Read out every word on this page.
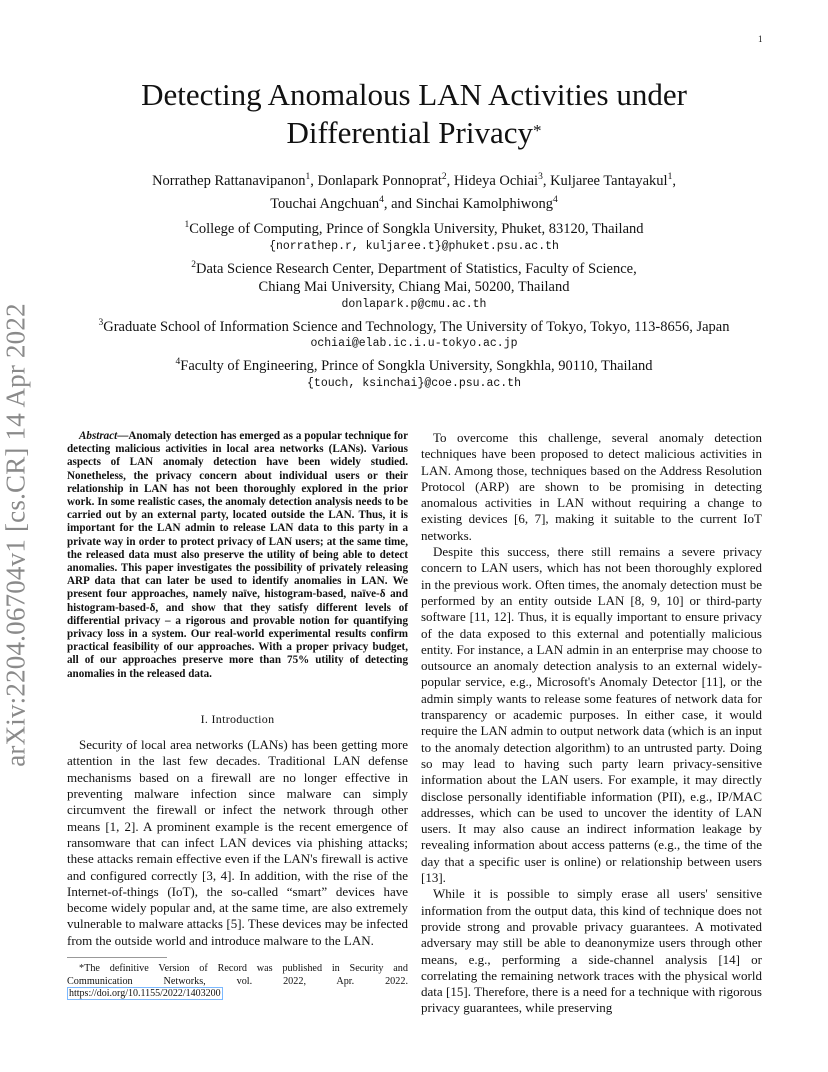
1
arXiv:2204.06704v1 [cs.CR] 14 Apr 2022
Detecting Anomalous LAN Activities under
Differential Privacy*
Norrathep Rattanavipanon$^1$, Donlapark Ponnoprat$^2$, Hideya Ochiai$^3$, Kuljaree Tantayakul$^1$,
Touchai Angchuan$^4$, and Sinchai Kamolphiwong$^4$

$^1$College of Computing, Prince of Songkla University, Phuket, 83120, Thailand

{norrathep.r, kuljaree.t}@phuket.psu.ac.th

$^2$Data Science Research Center, Department of Statistics, Faculty of Science,

Chiang Mai University, Chiang Mai, 50200, Thailand

donlapark.p@cmu.ac.th

$^3$Graduate School of Information Science and Technology, The University of Tokyo, Tokyo, 113-8656, Japan

ochiai@elab.ic.i.u-tokyo.ac.jp

$^4$Faculty of Engineering, Prince of Songkla University, Songkhla, 90110, Thailand

{touch, ksinchai}@coe.psu.ac.th

Abstract—Anomaly detection has emerged as a popular technique for detecting malicious activities in local area networks (LANs). Various aspects of LAN anomaly detection have been widely studied. Nonetheless, the privacy concern about individual users or their relationship in LAN has not been thoroughly explored in the prior work. In some realistic cases, the anomaly detection analysis needs to be carried out by an external party, located outside the LAN. Thus, it is important for the LAN admin to release LAN data to this party in a private way in order to protect privacy of LAN users; at the same time, the released data must also preserve the utility of being able to detect anomalies. This paper investigates the possibility of privately releasing ARP data that can later be used to identify anomalies in LAN. We present four approaches, namely naïve, histogram-based, naïve-δ and histogram-based-δ, and show that they satisfy different levels of differential privacy – a rigorous and provable notion for quantifying privacy loss in a system. Our real-world experimental results confirm practical feasibility of our approaches. With a proper privacy budget, all of our approaches preserve more than 75% utility of detecting anomalies in the released data.

I. Introduction

Security of local area networks (LANs) has been getting more attention in the last few decades. Traditional LAN defense mechanisms based on a firewall are no longer effective in preventing malware infection since malware can simply circumvent the firewall or infect the network through other means [1, 2]. A prominent example is the recent emergence of ransomware that can infect LAN devices via phishing attacks; these attacks remain effective even if the LAN's firewall is active and configured correctly [3, 4]. In addition, with the rise of the Internet-of-things (IoT), the so-called “smart” devices have become widely popular and, at the same time, are also extremely vulnerable to malware attacks [5]. These devices may be infected from the outside world and introduce malware to the LAN.

*The definitive Version of Record was published in Security and Communication Networks, vol. 2022, Apr. 2022. https://doi.org/10.1155/2022/1403200

To overcome this challenge, several anomaly detection techniques have been proposed to detect malicious activities in LAN. Among those, techniques based on the Address Resolution Protocol (ARP) are shown to be promising in detecting anomalous activities in LAN without requiring a change to existing devices [6, 7], making it suitable to the current IoT networks.

Despite this success, there still remains a severe privacy concern to LAN users, which has not been thoroughly explored in the previous work. Often times, the anomaly detection must be performed by an entity outside LAN [8, 9, 10] or third-party software [11, 12]. Thus, it is equally important to ensure privacy of the data exposed to this external and potentially malicious entity. For instance, a LAN admin in an enterprise may choose to outsource an anomaly detection analysis to an external widely-popular service, e.g., Microsoft's Anomaly Detector [11], or the admin simply wants to release some features of network data for transparency or academic purposes. In either case, it would require the LAN admin to output network data (which is an input to the anomaly detection algorithm) to an untrusted party. Doing so may lead to having such party learn privacy-sensitive information about the LAN users. For example, it may directly disclose personally identifiable information (PII), e.g., IP/MAC addresses, which can be used to uncover the identity of LAN users. It may also cause an indirect information leakage by revealing information about access patterns (e.g., the time of the day that a specific user is online) or relationship between users [13].

While it is possible to simply erase all users' sensitive information from the output data, this kind of technique does not provide strong and provable privacy guarantees. A motivated adversary may still be able to deanonymize users through other means, e.g., performing a side-channel analysis [14] or correlating the remaining network traces with the physical world data [15]. Therefore, there is a need for a technique with rigorous privacy guarantees, while preserving
